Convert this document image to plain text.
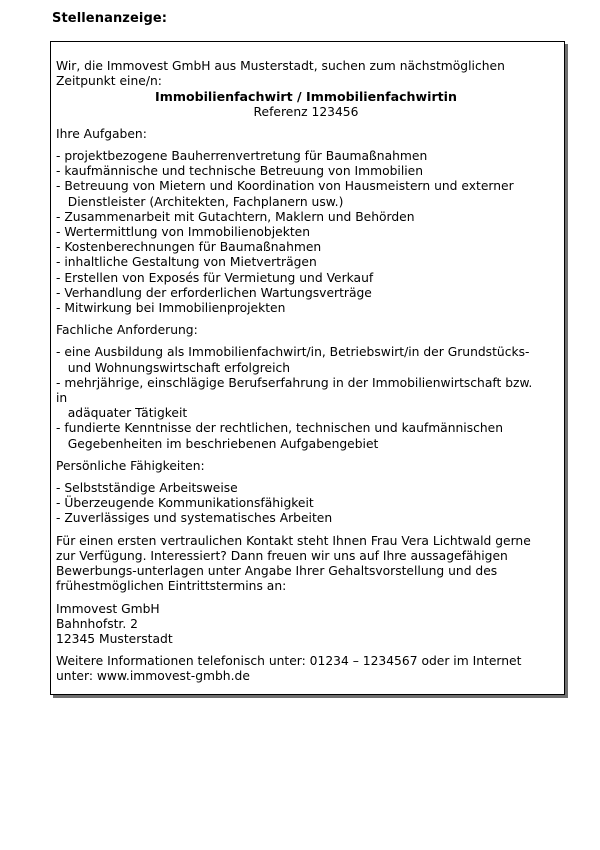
Stellenanzeige:

Wir, die Immovest GmbH aus Musterstadt, suchen zum nächstmöglichen

Zeitpunkt eine/n:

Immobilienfachwirt / Immobilienfachwirtin

Referenz 123456

Ihre Aufgaben:

- projektbezogene Bauherrenvertretung für Baumaßnahmen
- kaufmännische und technische Betreuung von Immobilien
- Betreuung von Mietern und Koordination von Hausmeistern und externer
Dienstleister (Architekten, Fachplanern usw.)
- Zusammenarbeit mit Gutachtern, Maklern und Behörden
- Wertermittlung von Immobilienobjekten
- Kostenberechnungen für Baumaßnahmen
- inhaltliche Gestaltung von Mietverträgen
- Erstellen von Exposés für Vermietung und Verkauf
- Verhandlung der erforderlichen Wartungsverträge
- Mitwirkung bei Immobilienprojekten

Fachliche Anforderung:

- eine Ausbildung als Immobilienfachwirt/in, Betriebswirt/in der Grundstücks-
und Wohnungswirtschaft erfolgreich
- mehrjährige, einschlägige Berufserfahrung in der Immobilienwirtschaft bzw.
in
adäquater Tätigkeit
- fundierte Kenntnisse der rechtlichen, technischen und kaufmännischen
Gegebenheiten im beschriebenen Aufgabengebiet

Persönliche Fähigkeiten:

- Selbstständige Arbeitsweise
- Überzeugende Kommunikationsfähigkeit
- Zuverlässiges und systematisches Arbeiten

Für einen ersten vertraulichen Kontakt steht Ihnen Frau Vera Lichtwald gerne

zur Verfügung. Interessiert? Dann freuen wir uns auf Ihre aussagefähigen

Bewerbungs-unterlagen unter Angabe Ihrer Gehaltsvorstellung und des

frühestmöglichen Eintrittstermins an:

Immovest GmbH

Bahnhofstr. 2

12345 Musterstadt

Weitere Informationen telefonisch unter: 01234 – 1234567 oder im Internet

unter: www.immovest-gmbh.de
